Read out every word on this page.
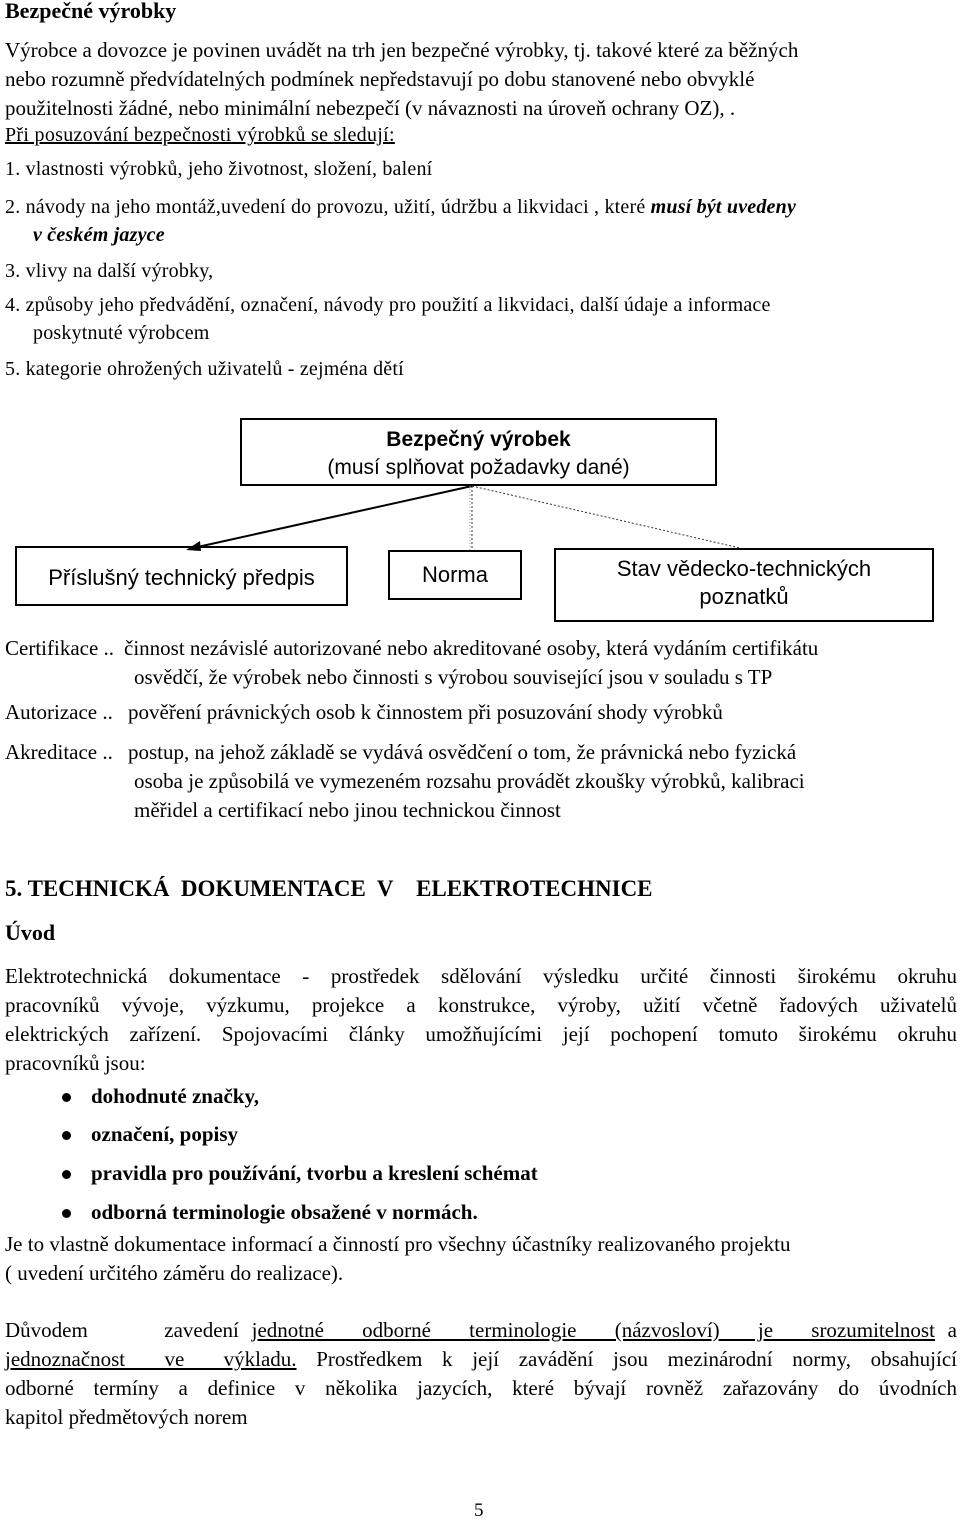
Bezpečné výrobky
Výrobce a dovozce je povinen uvádět na trh jen bezpečné výrobky, tj. takové které za běžných
nebo rozumně předvídatelných podmínek nepředstavují po dobu stanovené nebo obvyklé
použitelnosti žádné, nebo minimální nebezpečí (v návaznosti na úroveň ochrany OZ), .
Při posuzování bezpečnosti výrobků se sledují:
1. vlastnosti výrobků, jeho životnost, složení, balení
2. návody na jeho montáž,uvedení do provozu, užití, údržbu a likvidaci , které musí být uvedeny
v českém jazyce
3. vlivy na další výrobky,
4. způsoby jeho předvádění, označení, návody pro použití a likvidaci, další údaje a informace
poskytnuté výrobcem
5. kategorie ohrožených uživatelů - zejména dětí
Bezpečný výrobek
(musí splňovat požadavky dané)
Příslušný technický předpis	Norma	Stav vědecko-technických
poznatků
Certifikace .. činnost nezávislé autorizované nebo akreditované osoby, která vydáním certifikátu
osvědčí, že výrobek nebo činnosti s výrobou související jsou v souladu s TP
Autorizace .. pověření právnických osob k činnostem při posuzování shody výrobků
Akreditace .. postup, na jehož základě se vydává osvědčení o tom, že právnická nebo fyzická
osoba je způsobilá ve vymezeném rozsahu provádět zkoušky výrobků, kalibraci
měřidel a certifikací nebo jinou technickou činnost
5. TECHNICKÁ  DOKUMENTACE  V    ELEKTROTECHNICE
Úvod
Elektrotechnická dokumentace - prostředek sdělování výsledku určité činnosti širokému okruhu
pracovníků vývoje, výzkumu, projekce a konstrukce, výroby, užití včetně řadových uživatelů
elektrických zařízení. Spojovacími články umožňujícími její pochopení tomuto širokému okruhu
pracovníků jsou:
dohodnuté značky,
označení, popisy
pravidla pro používání, tvorbu a kreslení schémat
odborná terminologie obsažené v normách.
Je to vlastně dokumentace informací a činností pro všechny účastníky realizovaného projektu
( uvedení určitého záměru do realizace).
Důvodem      zavedení jednotné   odborné   terminologie   (názvosloví)   je   srozumitelnost a
jednoznačnost  ve  výkladu. Prostředkem k její zavádění jsou mezinárodní normy, obsahující
odborné termíny a definice v několika jazycích, které bývají rovněž zařazovány do úvodních
kapitol předmětových norem
5
